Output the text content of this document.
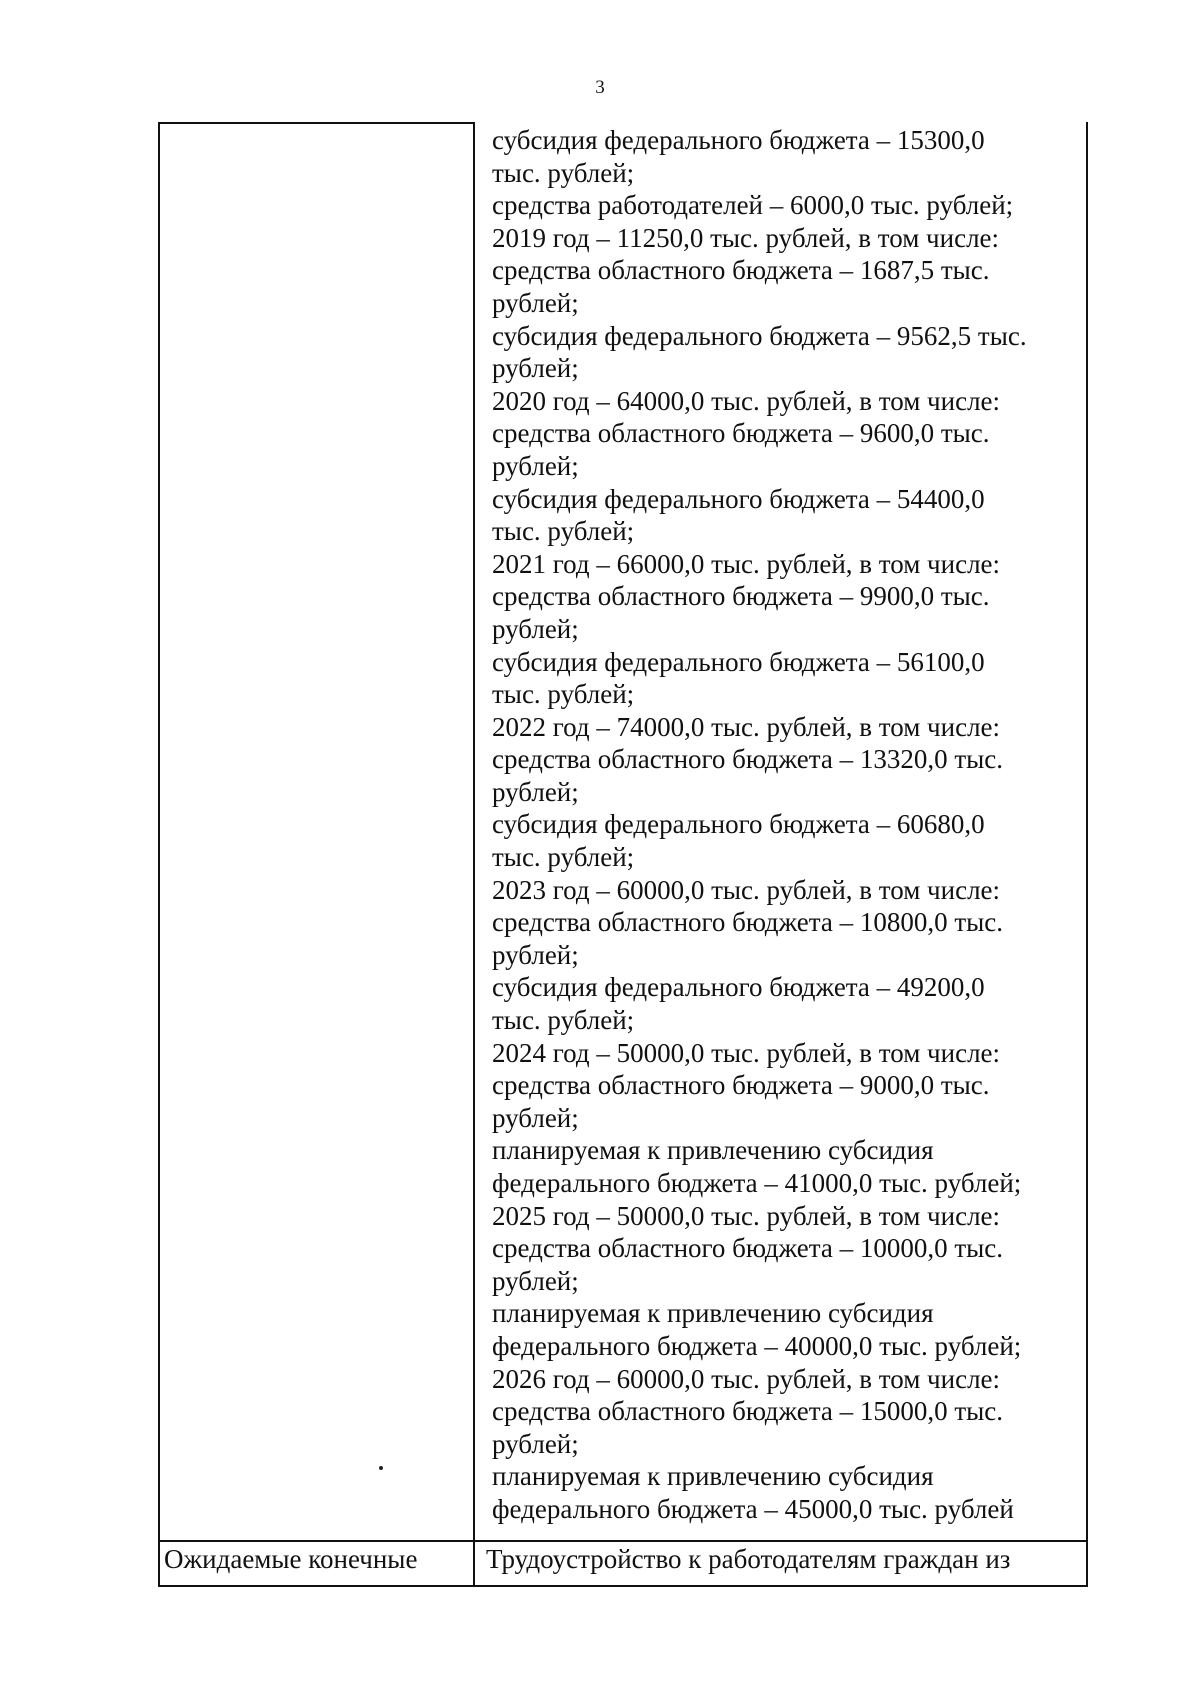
3
субсидия федерального бюджета – 15300,0
тыс. рублей;
средства работодателей – 6000,0 тыс. рублей;
2019 год – 11250,0 тыс. рублей, в том числе:
средства областного бюджета – 1687,5 тыс.
рублей;
субсидия федерального бюджета – 9562,5 тыс.
рублей;
2020 год – 64000,0 тыс. рублей, в том числе:
средства областного бюджета – 9600,0 тыс.
рублей;
субсидия федерального бюджета – 54400,0
тыс. рублей;
2021 год – 66000,0 тыс. рублей, в том числе:
средства областного бюджета – 9900,0 тыс.
рублей;
субсидия федерального бюджета – 56100,0
тыс. рублей;
2022 год – 74000,0 тыс. рублей, в том числе:
средства областного бюджета – 13320,0 тыс.
рублей;
субсидия федерального бюджета – 60680,0
тыс. рублей;
2023 год – 60000,0 тыс. рублей, в том числе:
средства областного бюджета – 10800,0 тыс.
рублей;
субсидия федерального бюджета – 49200,0
тыс. рублей;
2024 год – 50000,0 тыс. рублей, в том числе:
средства областного бюджета – 9000,0 тыс.
рублей;
планируемая к привлечению субсидия
федерального бюджета – 41000,0 тыс. рублей;
2025 год – 50000,0 тыс. рублей, в том числе:
средства областного бюджета – 10000,0 тыс.
рублей;
планируемая к привлечению субсидия
федерального бюджета – 40000,0 тыс. рублей;
2026 год – 60000,0 тыс. рублей, в том числе:
средства областного бюджета – 15000,0 тыс.
рублей;
планируемая к привлечению субсидия
федерального бюджета – 45000,0 тыс. рублей
Ожидаемые конечные	Трудоустройство к работодателям граждан из
